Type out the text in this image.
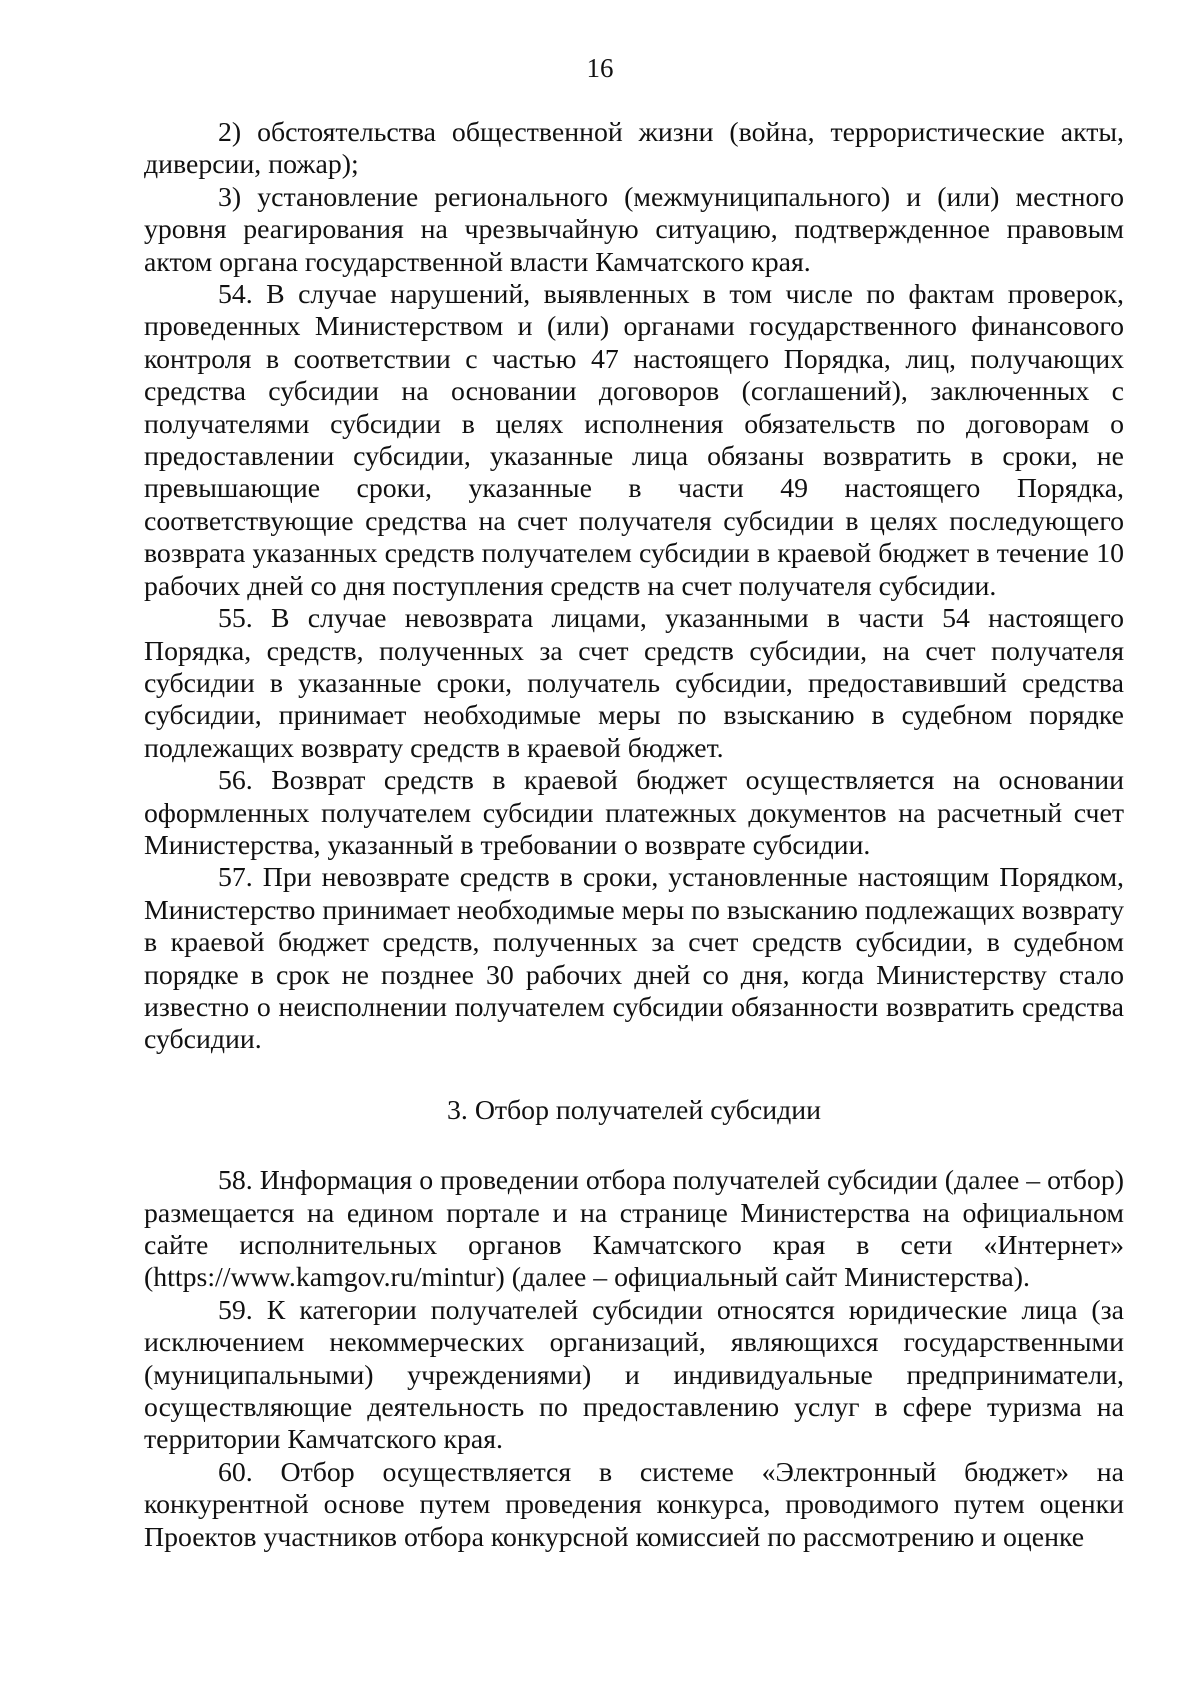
16

2) обстоятельства общественной жизни (война, террористические акты, диверсии, пожар);

3) установление регионального (межмуниципального) и (или) местного уровня реагирования на чрезвычайную ситуацию, подтвержденное правовым актом органа государственной власти Камчатского края.

54. В случае нарушений, выявленных в том числе по фактам проверок, проведенных Министерством и (или) органами государственного финансового контроля в соответствии с частью 47 настоящего Порядка, лиц, получающих средства субсидии на основании договоров (соглашений), заключенных с получателями субсидии в целях исполнения обязательств по договорам о предоставлении субсидии, указанные лица обязаны возвратить в сроки, не превышающие сроки, указанные в части 49 настоящего Порядка, соответствующие средства на счет получателя субсидии в целях последующего возврата указанных средств получателем субсидии в краевой бюджет в течение 10 рабочих дней со дня поступления средств на счет получателя субсидии.

55. В случае невозврата лицами, указанными в части 54 настоящего Порядка, средств, полученных за счет средств субсидии, на счет получателя субсидии в указанные сроки, получатель субсидии, предоставивший средства субсидии, принимает необходимые меры по взысканию в судебном порядке подлежащих возврату средств в краевой бюджет.

56. Возврат средств в краевой бюджет осуществляется на основании оформленных получателем субсидии платежных документов на расчетный счет Министерства, указанный в требовании о возврате субсидии.

57. При невозврате средств в сроки, установленные настоящим Порядком, Министерство принимает необходимые меры по взысканию подлежащих возврату в краевой бюджет средств, полученных за счет средств субсидии, в судебном порядке в срок не позднее 30 рабочих дней со дня, когда Министерству стало известно о неисполнении получателем субсидии обязанности возвратить средства субсидии.

3. Отбор получателей субсидии

58. Информация о проведении отбора получателей субсидии (далее – отбор) размещается на едином портале и на странице Министерства на официальном сайте исполнительных органов Камчатского края в сети «Интернет» (https://www.kamgov.ru/mintur) (далее – официальный сайт Министерства).

59. К категории получателей субсидии относятся юридические лица (за исключением некоммерческих организаций, являющихся государственными (муниципальными) учреждениями) и индивидуальные предприниматели, осуществляющие деятельность по предоставлению услуг в сфере туризма на территории Камчатского края.

60. Отбор осуществляется в системе «Электронный бюджет» на конкурентной основе путем проведения конкурса, проводимого путем оценки Проектов участников отбора конкурсной комиссией по рассмотрению и оценке
